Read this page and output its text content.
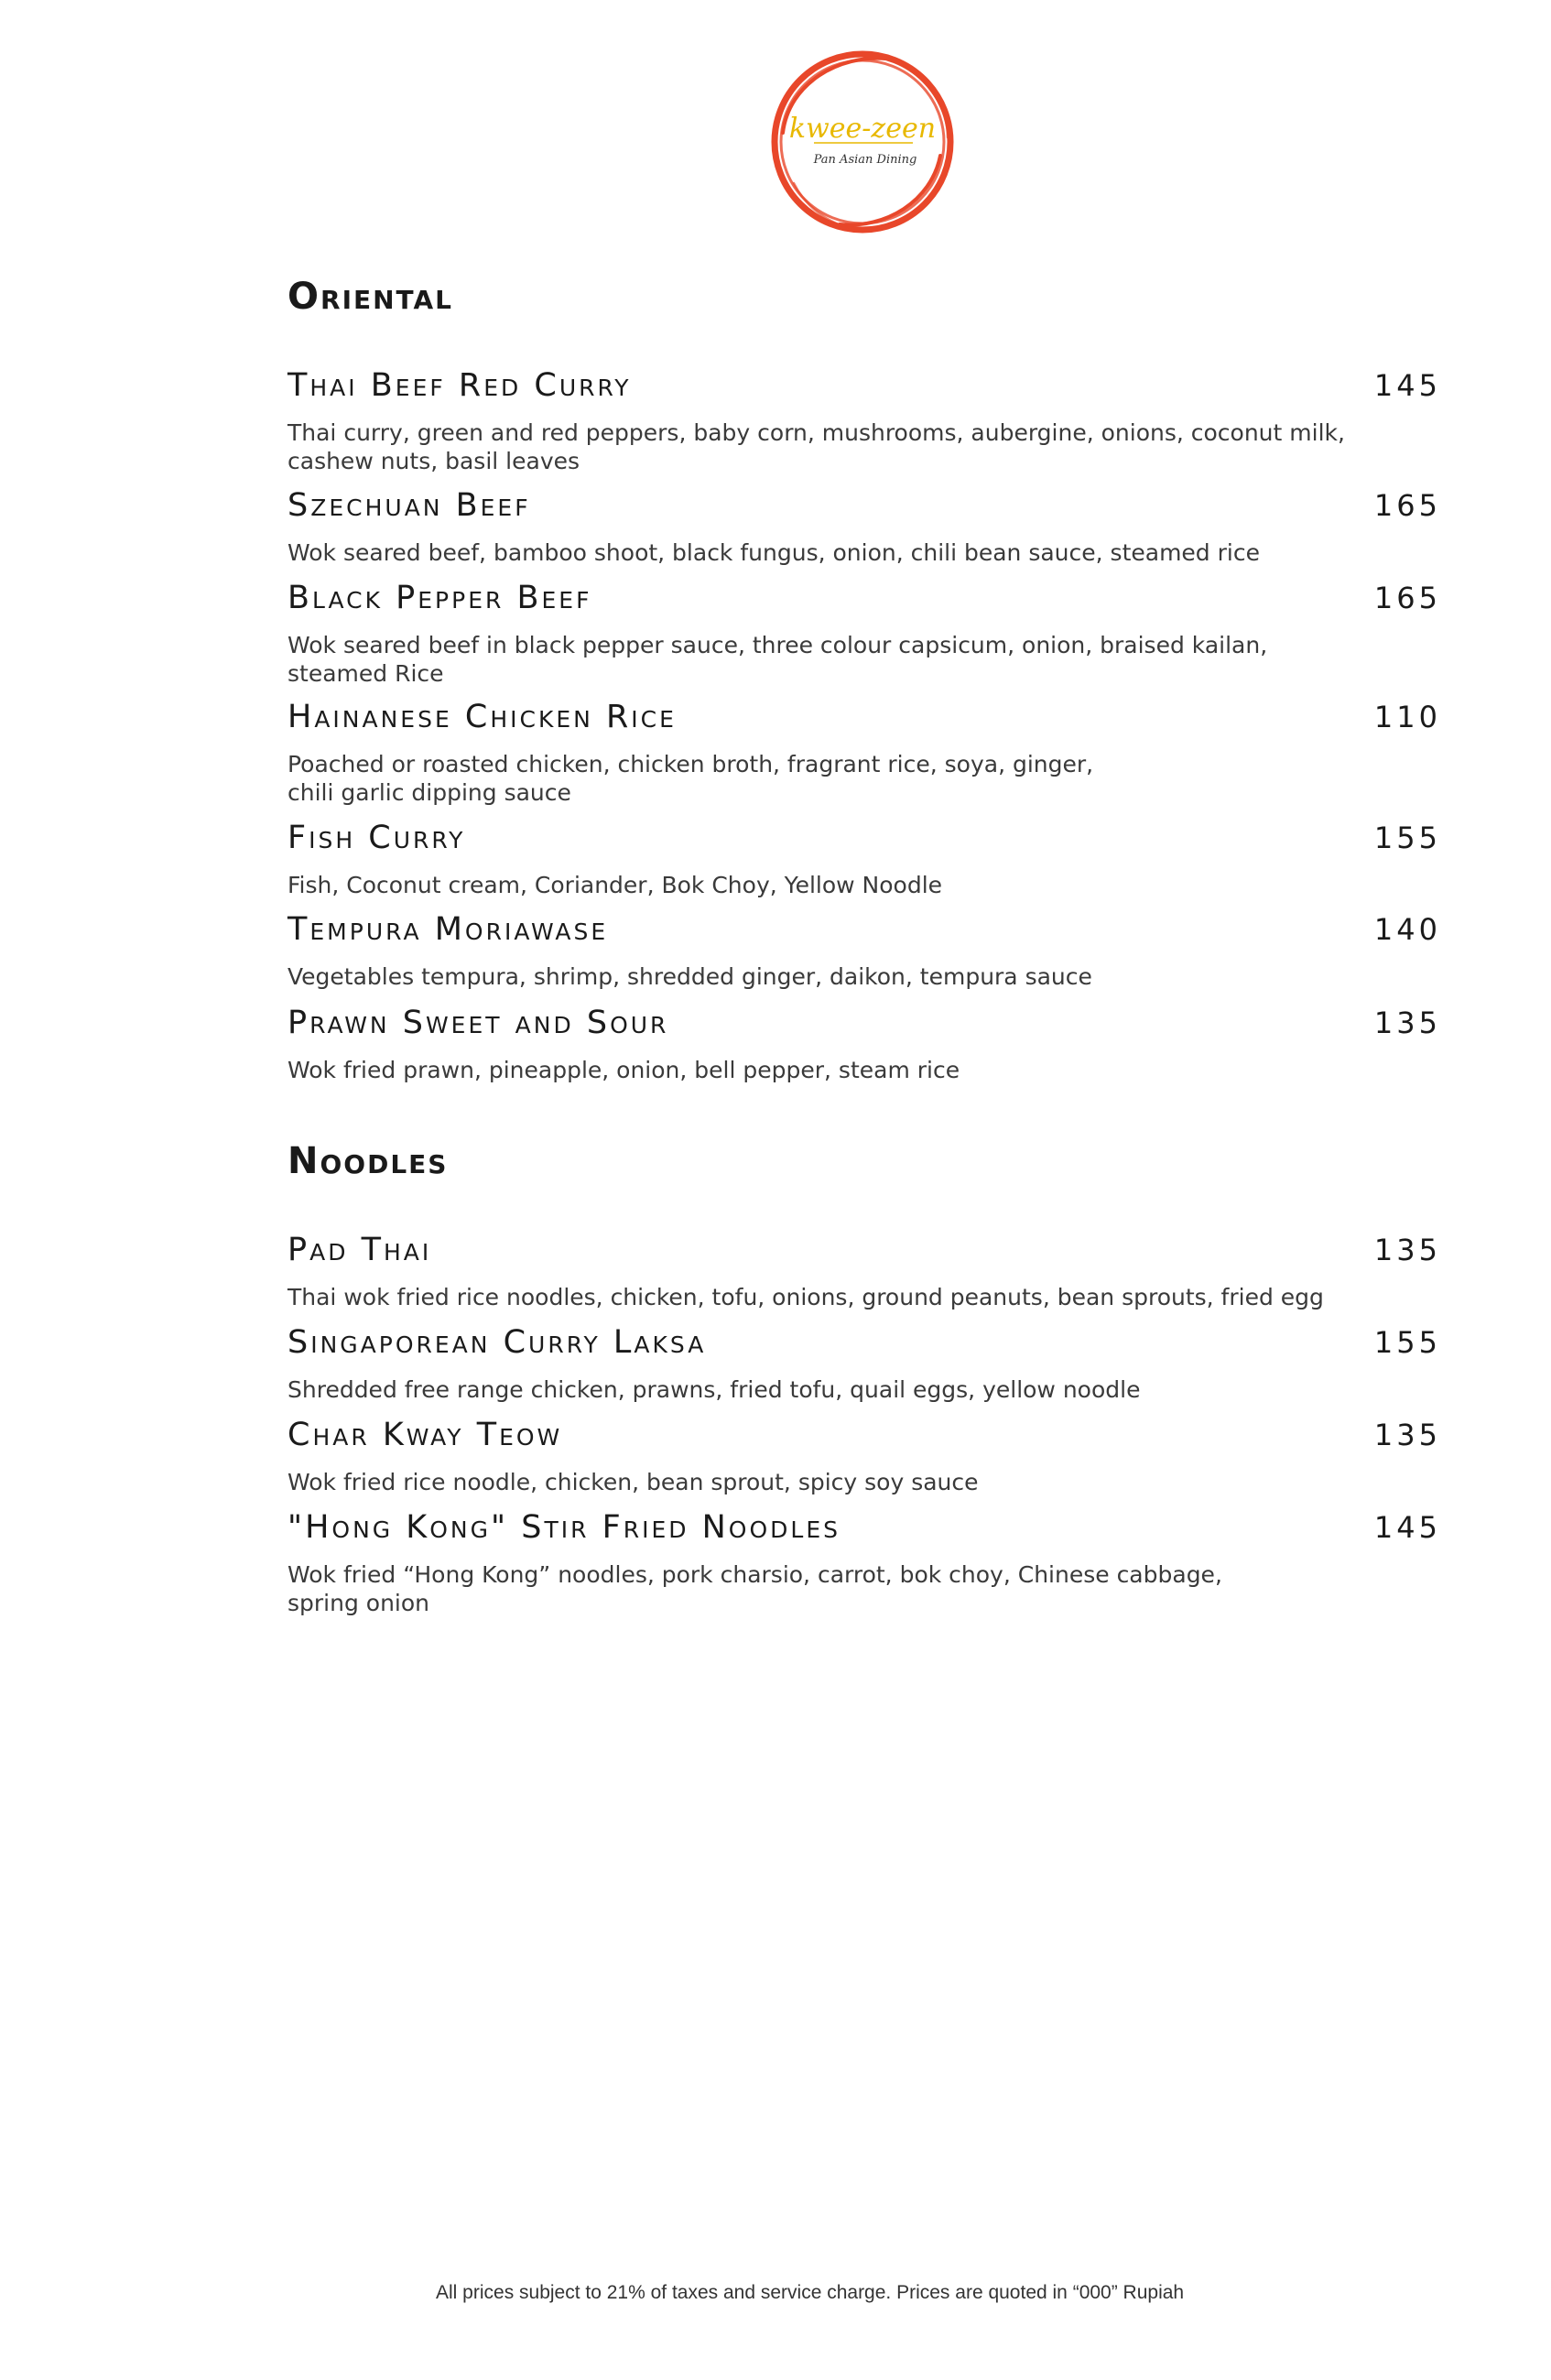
kwee-zeen
Pan Asian Dining
Oriental
Thai Beef Red Curry	145
Thai curry, green and red peppers, baby corn, mushrooms, aubergine, onions, coconut milk,
cashew nuts, basil leaves
Szechuan Beef	165
Wok seared beef, bamboo shoot, black fungus, onion, chili bean sauce, steamed rice
Black Pepper Beef	165
Wok seared beef in black pepper sauce, three colour capsicum, onion, braised kailan,
steamed Rice
Hainanese Chicken Rice	110
Poached or roasted chicken, chicken broth, fragrant rice, soya, ginger,
chili garlic dipping sauce
Fish Curry	155
Fish, Coconut cream, Coriander, Bok Choy, Yellow Noodle
Tempura Moriawase	140
Vegetables tempura, shrimp, shredded ginger, daikon, tempura sauce
Prawn Sweet and Sour	135
Wok fried prawn, pineapple, onion, bell pepper, steam rice
Noodles
Pad Thai	135
Thai wok fried rice noodles, chicken, tofu, onions, ground peanuts, bean sprouts, fried egg
Singaporean Curry Laksa	155
Shredded free range chicken, prawns, fried tofu, quail eggs, yellow noodle
Char Kway Teow	135
Wok fried rice noodle, chicken, bean sprout, spicy soy sauce
"Hong Kong" Stir Fried Noodles	145
Wok fried “Hong Kong” noodles, pork charsio, carrot, bok choy, Chinese cabbage,
spring onion
All prices subject to 21% of taxes and service charge. Prices are quoted in “000” Rupiah
